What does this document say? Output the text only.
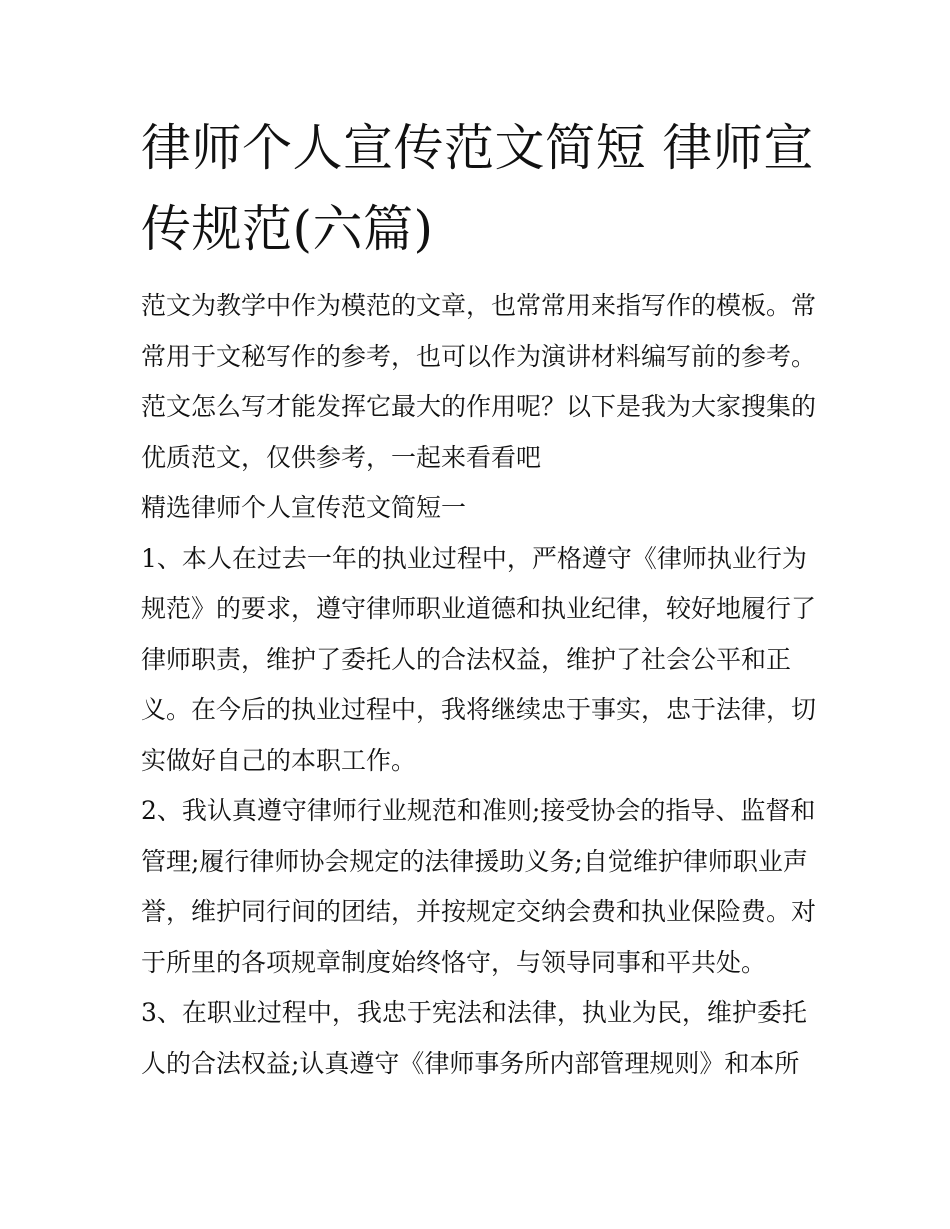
律师个人宣传范文简短 律师宣传规范(六篇)

范文为教学中作为模范的文章，也常常用来指写作的模板。常常用于文秘写作的参考，也可以作为演讲材料编写前的参考。范文怎么写才能发挥它最大的作用呢？以下是我为大家搜集的优质范文，仅供参考，一起来看看吧

精选律师个人宣传范文简短一

1、本人在过去一年的执业过程中，严格遵守《律师执业行为规范》的要求，遵守律师职业道德和执业纪律，较好地履行了律师职责，维护了委托人的合法权益，维护了社会公平和正义。在今后的执业过程中，我将继续忠于事实，忠于法律，切实做好自己的本职工作。

2、我认真遵守律师行业规范和准则;接受协会的指导、监督和管理;履行律师协会规定的法律援助义务;自觉维护律师职业声誉，维护同行间的团结，并按规定交纳会费和执业保险费。对于所里的各项规章制度始终恪守，与领导同事和平共处。

3、在职业过程中，我忠于宪法和法律，执业为民，维护委托人的合法权益;认真遵守《律师事务所内部管理规则》和本所
